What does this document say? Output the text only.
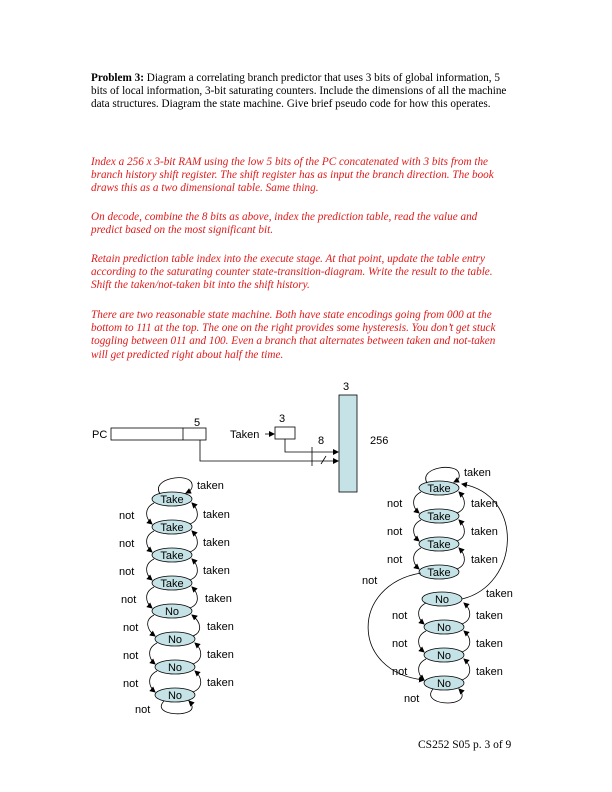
Problem 3: Diagram a correlating branch predictor that uses 3 bits of global information, 5 bits of local information, 3-bit saturating counters. Include the dimensions of all the machine data structures. Diagram the state machine. Give brief pseudo code for how this operates.

Index a 256 x 3-bit RAM using the low 5 bits of the PC concatenated with 3 bits from the branch history shift register. The shift register has as input the branch direction. The book draws this as a two dimensional table. Same thing.

On decode, combine the 8 bits as above, index the prediction table, read the value and predict based on the most significant bit.

Retain prediction table index into the execute stage. At that point, update the table entry according to the saturating counter state-transition-diagram. Write the result to the table. Shift the taken/not-taken bit into the shift history.

There are two reasonable state machine. Both have state encodings going from 000 at the bottom to 111 at the top. The one on the right provides some hysteresis. You don’t get stuck toggling between 011 and 100. Even a branch that alternates between taken and not-taken will get predicted right about half the time.

PC
5
Taken
3
8
3
256
Take
Take
Take
Take
No
No
No
No
taken
taken
taken
taken
taken
taken
taken
taken
not
not
not
not
not
not
not
not
Take
Take
Take
Take
No
No
No
No
taken
taken
taken
taken
taken
taken
taken
taken
not
not
not
not
not
not
not
not
CS252 S05 p. 3 of 9
